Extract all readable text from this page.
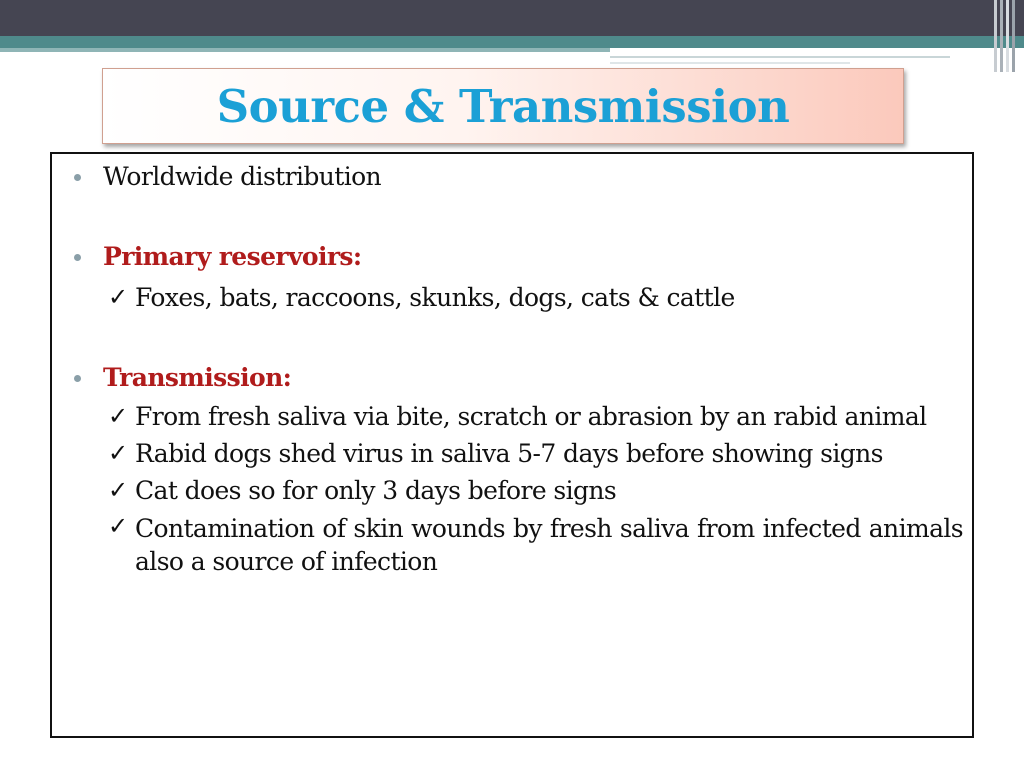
Source & Transmission
Worldwide distribution
Primary reservoirs:
✓ Foxes, bats, raccoons, skunks, dogs, cats & cattle
Transmission:
✓ From fresh saliva via bite, scratch or abrasion by an rabid animal
✓ Rabid dogs shed virus in saliva 5-7 days before showing signs
✓ Cat does so for only 3 days before signs
✓ Contamination of skin wounds by fresh saliva from infected animals also a source of infection
